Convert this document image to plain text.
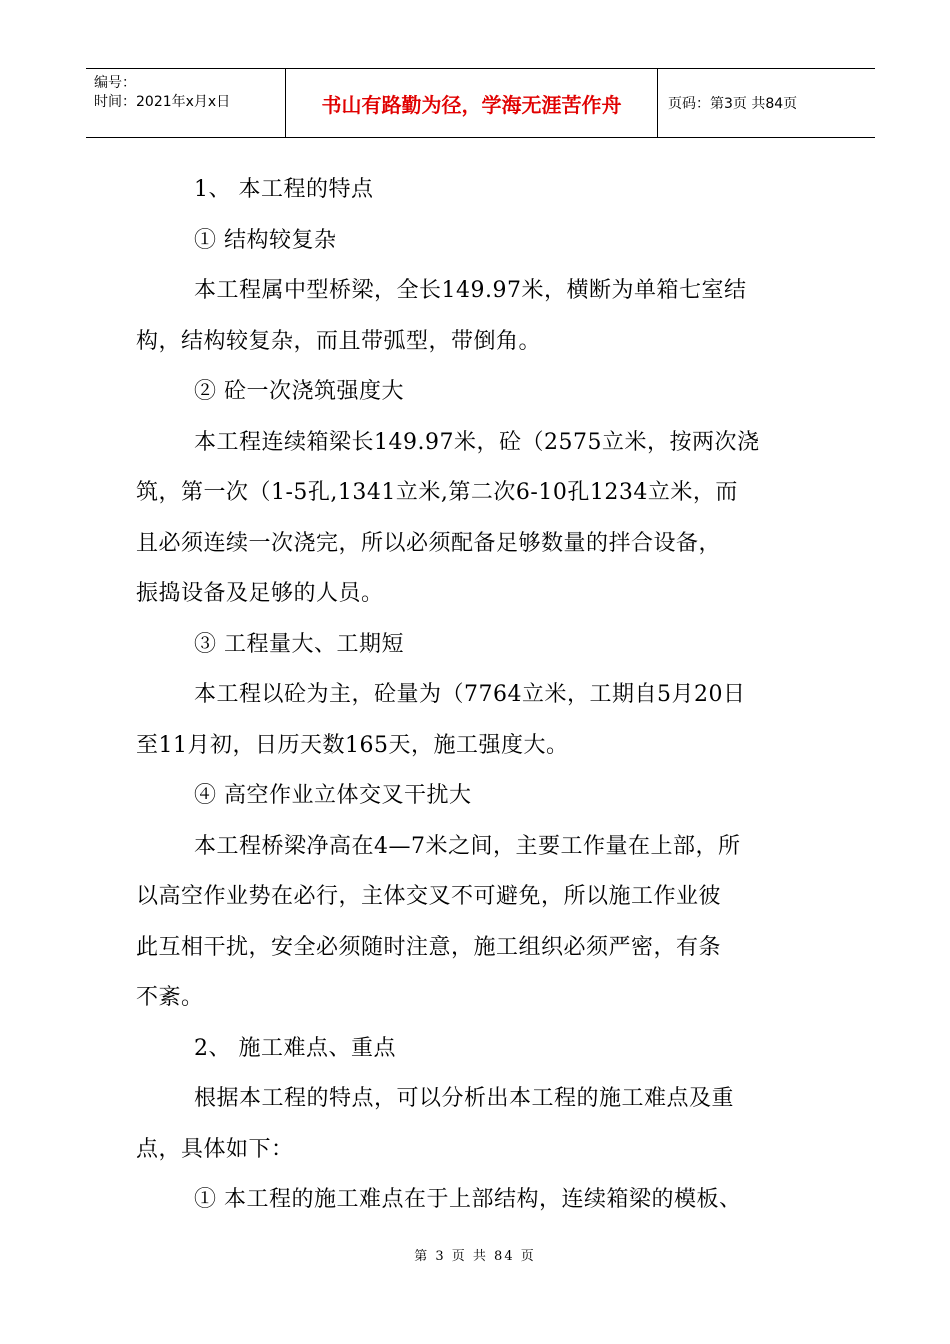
编号：
时间：2021年x月x日	书山有路勤为径，学海无涯苦作舟	页码：第3页 共84页

1、 本工程的特点

① 结构较复杂

本工程属中型桥梁，全长149.97米，横断为单箱七室结

构，结构较复杂，而且带弧型，带倒角。

② 砼一次浇筑强度大

本工程连续箱梁长149.97米，砼（2575立米，按两次浇

筑，第一次（1-5孔,1341立米,第二次6-10孔1234立米，而

且必须连续一次浇完，所以必须配备足够数量的拌合设备，

振捣设备及足够的人员。

③ 工程量大、工期短

本工程以砼为主，砼量为（7764立米，工期自5月20日

至11月初，日历天数165天，施工强度大。

④ 高空作业立体交叉干扰大

本工程桥梁净高在4—7米之间，主要工作量在上部，所

以高空作业势在必行，主体交叉不可避免，所以施工作业彼

此互相干扰，安全必须随时注意，施工组织必须严密，有条

不紊。

2、 施工难点、重点

根据本工程的特点，可以分析出本工程的施工难点及重

点，具体如下：

① 本工程的施工难点在于上部结构，连续箱梁的模板、

第 3 页 共 84 页
